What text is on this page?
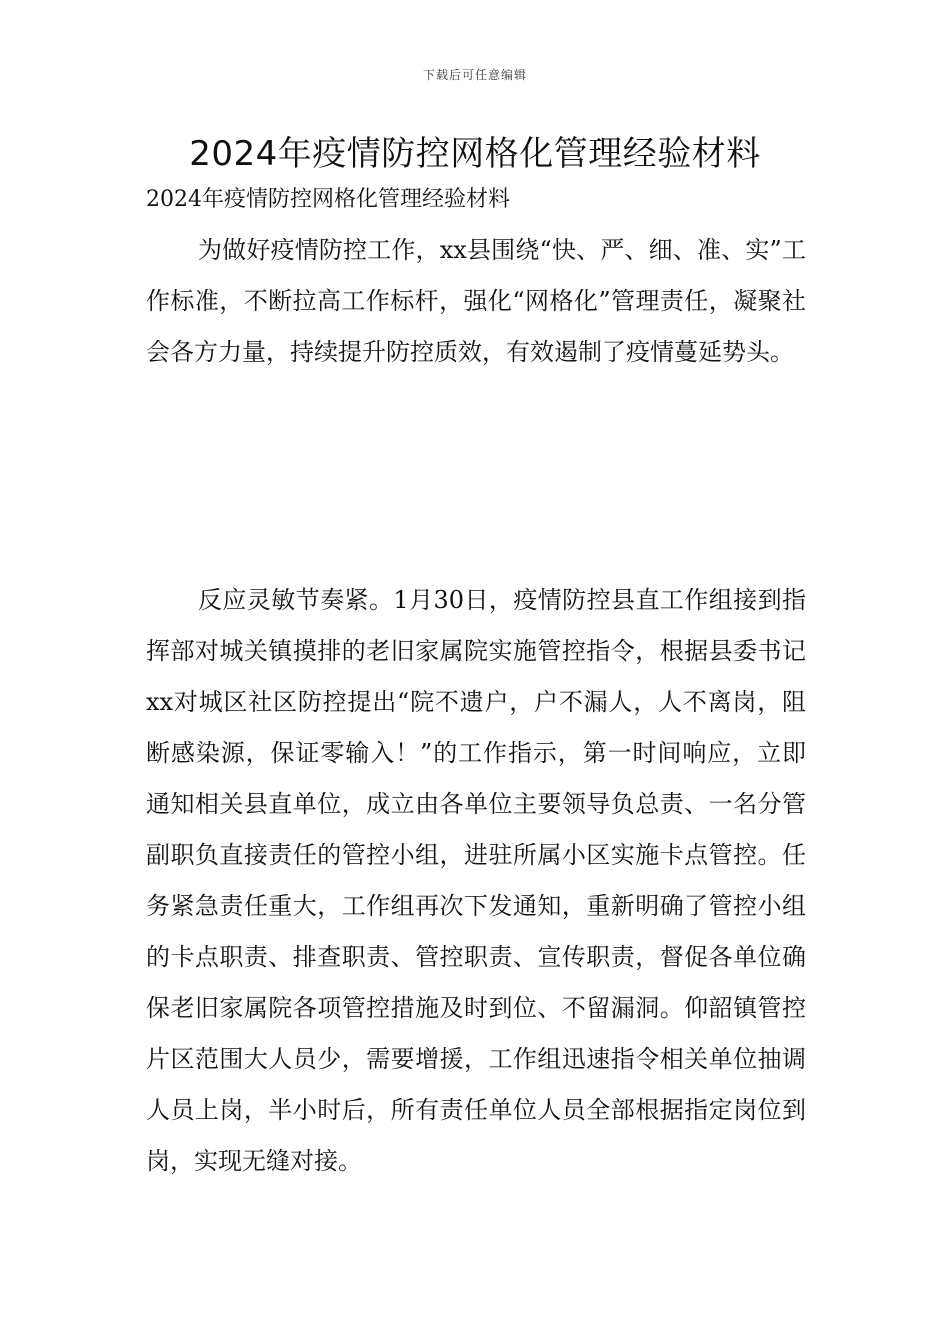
下载后可任意编辑
2024年疫情防控网格化管理经验材料

2024年疫情防控网格化管理经验材料

为做好疫情防控工作，xx县围绕“快、严、细、准、实”工作标准，不断拉高工作标杆，强化“网格化”管理责任，凝聚社会各方力量，持续提升防控质效，有效遏制了疫情蔓延势头。

反应灵敏节奏紧。1月30日，疫情防控县直工作组接到指挥部对城关镇摸排的老旧家属院实施管控指令，根据县委书记xx对城区社区防控提出“院不遗户，户不漏人，人不离岗，阻断感染源，保证零输入！”的工作指示，第一时间响应，立即通知相关县直单位，成立由各单位主要领导负总责、一名分管副职负直接责任的管控小组，进驻所属小区实施卡点管控。任务紧急责任重大，工作组再次下发通知，重新明确了管控小组的卡点职责、排查职责、管控职责、宣传职责，督促各单位确保老旧家属院各项管控措施及时到位、不留漏洞。仰韶镇管控片区范围大人员少，需要增援，工作组迅速指令相关单位抽调人员上岗，半小时后，所有责任单位人员全部根据指定岗位到岗，实现无缝对接。
